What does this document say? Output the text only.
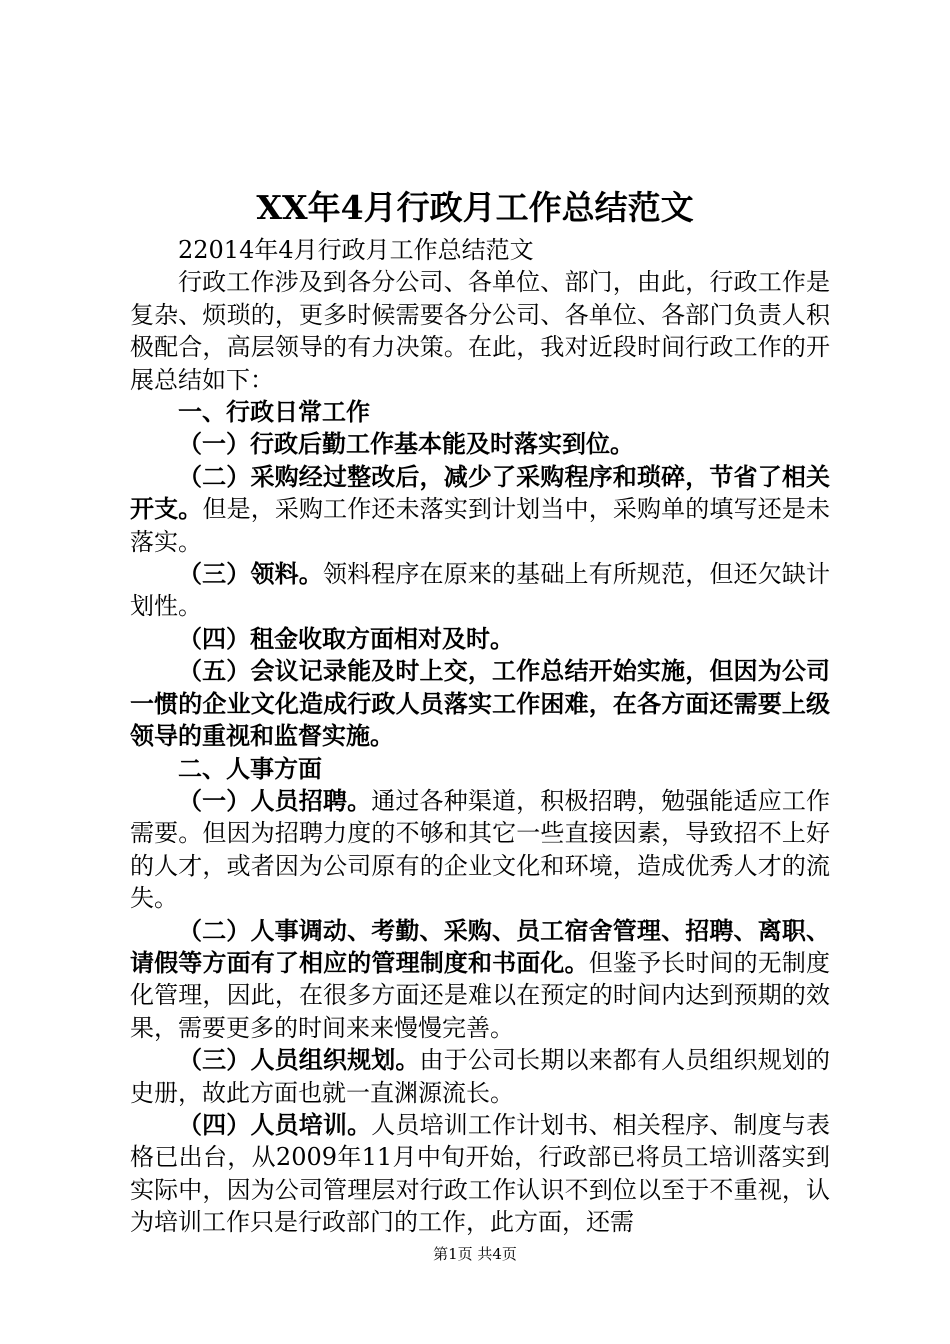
XX年4月行政月工作总结范文

22014年4月行政月工作总结范文

行政工作涉及到各分公司、各单位、部门，由此，行政工作是复杂、烦琐的，更多时候需要各分公司、各单位、各部门负责人积极配合，高层领导的有力决策。在此，我对近段时间行政工作的开展总结如下：

一、行政日常工作

（一）行政后勤工作基本能及时落实到位。

（二）采购经过整改后，减少了采购程序和琐碎，节省了相关开支。但是，采购工作还未落实到计划当中，采购单的填写还是未落实。

（三）领料。领料程序在原来的基础上有所规范，但还欠缺计划性。

（四）租金收取方面相对及时。

（五）会议记录能及时上交，工作总结开始实施，但因为公司一惯的企业文化造成行政人员落实工作困难，在各方面还需要上级领导的重视和监督实施。

二、人事方面

（一）人员招聘。通过各种渠道，积极招聘，勉强能适应工作需要。但因为招聘力度的不够和其它一些直接因素，导致招不上好的人才，或者因为公司原有的企业文化和环境，造成优秀人才的流失。

（二）人事调动、考勤、采购、员工宿舍管理、招聘、离职、请假等方面有了相应的管理制度和书面化。但鉴予长时间的无制度化管理，因此，在很多方面还是难以在预定的时间内达到预期的效果，需要更多的时间来来慢慢完善。

（三）人员组织规划。由于公司长期以来都有人员组织规划的史册，故此方面也就一直渊源流长。

（四）人员培训。人员培训工作计划书、相关程序、制度与表格已出台，从2009年11月中旬开始，行政部已将员工培训落实到实际中，因为公司管理层对行政工作认识不到位以至于不重视，认为培训工作只是行政部门的工作，此方面，还需

第1页 共4页
